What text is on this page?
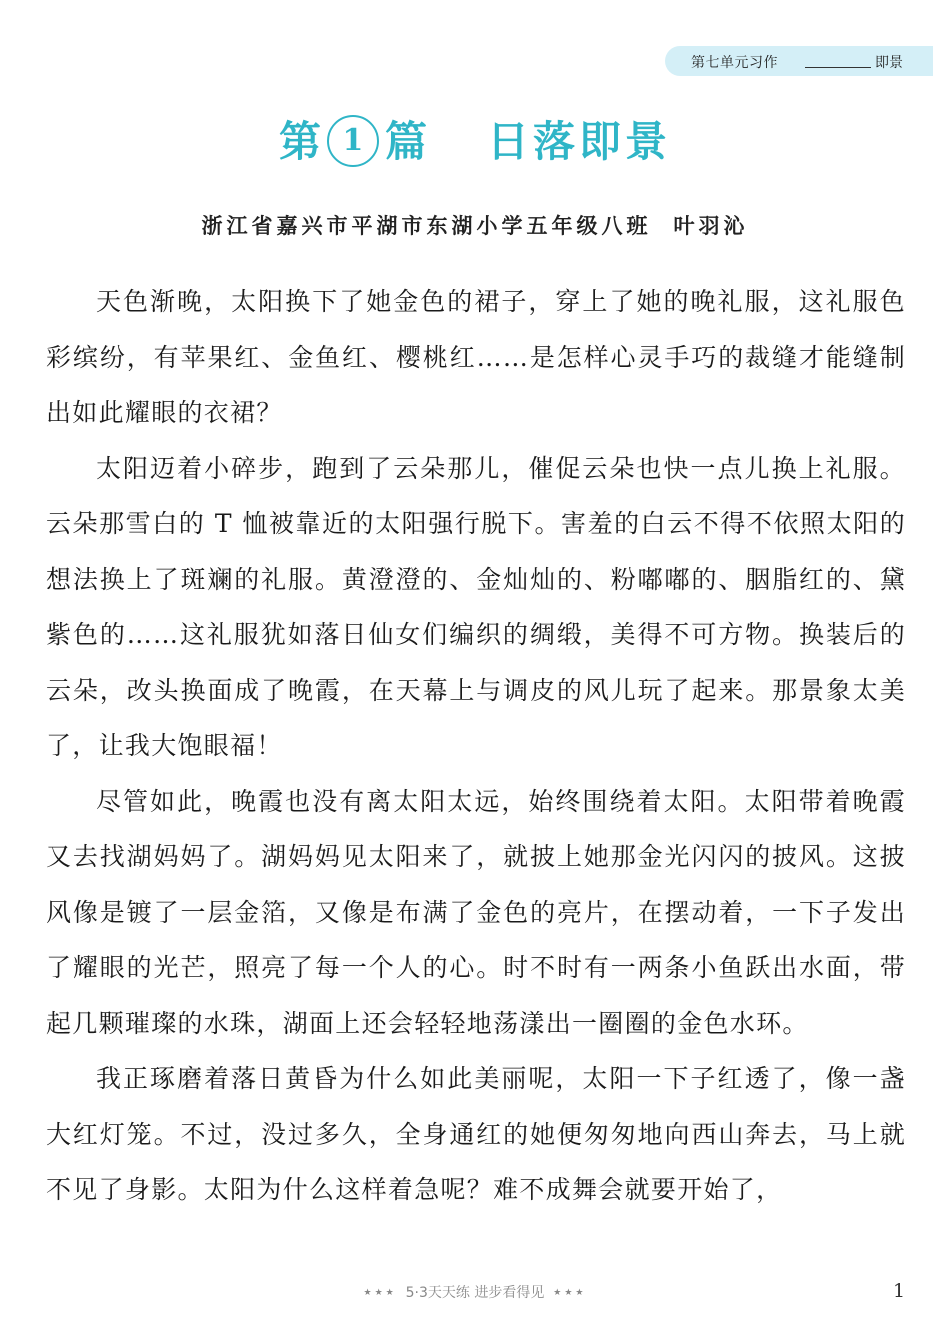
第七单元习作	即景
第 1 篇 日落即景
浙江省嘉兴市平湖市东湖小学五年级八班 叶羽沁

天色渐晚，太阳换下了她金色的裙子，穿上了她的晚礼服，这礼服色彩缤纷，有苹果红、金鱼红、樱桃红……是怎样心灵手巧的裁缝才能缝制出如此耀眼的衣裙？

太阳迈着小碎步，跑到了云朵那儿，催促云朵也快一点儿换上礼服。云朵那雪白的 T 恤被靠近的太阳强行脱下。害羞的白云不得不依照太阳的想法换上了斑斓的礼服。黄澄澄的、金灿灿的、粉嘟嘟的、胭脂红的、黛紫色的……这礼服犹如落日仙女们编织的绸缎，美得不可方物。换装后的云朵，改头换面成了晚霞，在天幕上与调皮的风儿玩了起来。那景象太美了，让我大饱眼福！

尽管如此，晚霞也没有离太阳太远，始终围绕着太阳。太阳带着晚霞又去找湖妈妈了。湖妈妈见太阳来了，就披上她那金光闪闪的披风。这披风像是镀了一层金箔，又像是布满了金色的亮片，在摆动着，一下子发出了耀眼的光芒，照亮了每一个人的心。时不时有一两条小鱼跃出水面，带起几颗璀璨的水珠，湖面上还会轻轻地荡漾出一圈圈的金色水环。

我正琢磨着落日黄昏为什么如此美丽呢，太阳一下子红透了，像一盏大红灯笼。不过，没过多久，全身通红的她便匆匆地向西山奔去，马上就不见了身影。太阳为什么这样着急呢？难不成舞会就要开始了，

★★★ 5·3天天练 进步看得见 ★★★	1
